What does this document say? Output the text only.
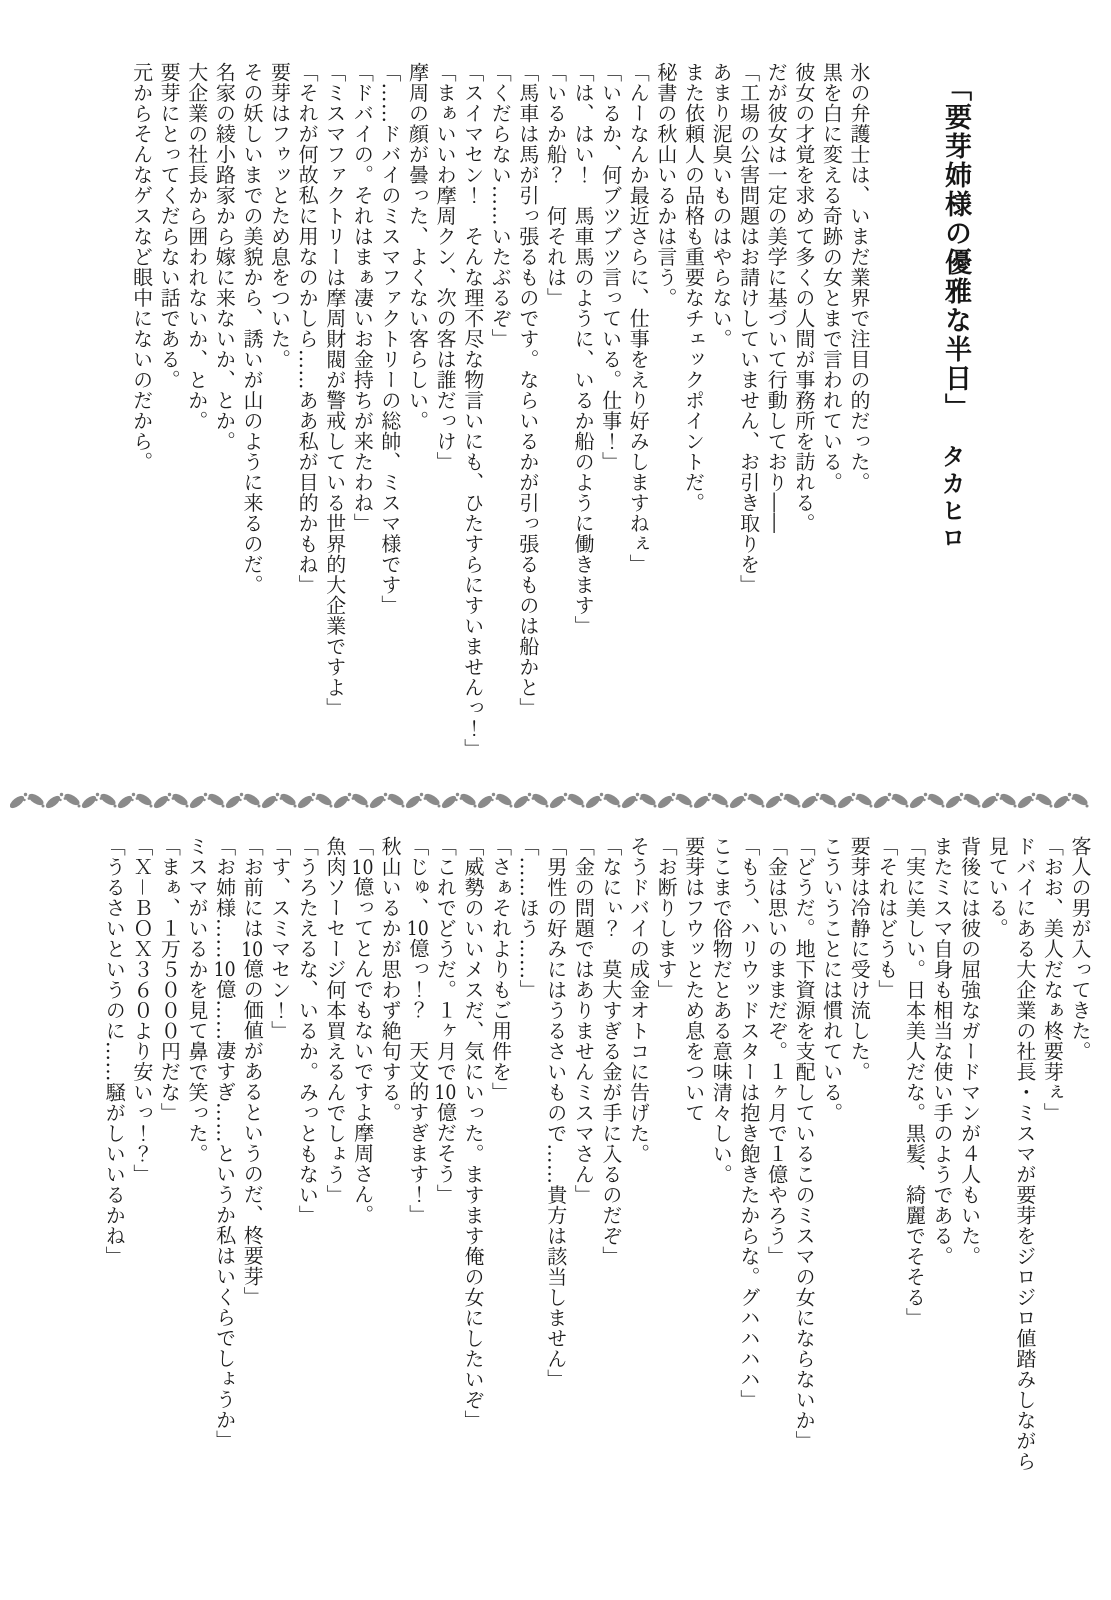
「要芽姉様の優雅な半日」
タカヒロ

氷の弁護士は、いまだ業界で注目の的だった。

黒を白に変える奇跡の女とまで言われている。

彼女の才覚を求めて多くの人間が事務所を訪れる。

だが彼女は一定の美学に基づいて行動しており――

「工場の公害問題はお請けしていません、お引き取りを」

あまり泥臭いものはやらない。

また依頼人の品格も重要なチェックポイントだ。

秘書の秋山いるかは言う。

「んーなんか最近さらに、仕事をえり好みしますねぇ」

「いるか、何ブツブツ言っている。仕事！」

「は、はい！　馬車馬のように、いるか船のように働きます」

「いるか船？　何それは」

「馬車は馬が引っ張るものです。ならいるかが引っ張るものは船かと」

「くだらない……いたぶるぞ」

「スイマセン！　そんな理不尽な物言いにも、ひたすらにすいませんっ！」

「まぁいいわ摩周クン、次の客は誰だっけ」

摩周の顔が曇った、よくない客らしい。

「……ドバイのミスマファクトリーの総帥、ミスマ様です」

「ドバイの。それはまぁ凄いお金持ちが来たわね」

「ミスマファクトリーは摩周財閥が警戒している世界的大企業ですよ」

「それが何故私に用なのかしら……ああ私が目的かもね」

要芽はフゥッとため息をついた。

その妖しいまでの美貌から、誘いが山のように来るのだ。

名家の綾小路家から嫁に来ないか、とか。

大企業の社長から囲われないか、とか。

要芽にとってくだらない話である。

元からそんなゲスなど眼中にないのだから。

客人の男が入ってきた。

「おお、美人だなぁ柊要芽ぇ」

ドバイにある大企業の社長・ミスマが要芽をジロジロ値踏みしながら

見ている。

背後には彼の屈強なガードマンが４人もいた。

またミスマ自身も相当な使い手のようである。

「実に美しい。日本美人だな。黒髪、綺麗でそそる」

「それはどうも」

要芽は冷静に受け流した。

こういうことには慣れている。

「どうだ。地下資源を支配しているこのミスマの女にならないか」

「金は思いのままだぞ。１ヶ月で１億やろう」

「もう、ハリウッドスターは抱き飽きたからな。グハハハハ」

ここまで俗物だとある意味清々しい。

要芽はフウッとため息をついて

「お断りします」

そうドバイの成金オトコに告げた。

「なにぃ？　莫大すぎる金が手に入るのだぞ」

「金の問題ではありませんミスマさん」

「男性の好みにはうるさいもので……貴方は該当しません」

「……ほう……」

「さぁそれよりもご用件を」

「威勢のいいメスだ、気にいった。ますます俺の女にしたいぞ」

「これでどうだ。１ヶ月で10億だそう」

「じゅ、10億っ！？　天文的すぎます！」

秋山いるかが思わず絶句する。

「10億ってとんでもないですよ摩周さん。

魚肉ソーセージ何本買えるんでしょう」

「うろたえるな、いるか。みっともない」

「す、スミマセン！」

「お前には10億の価値があるというのだ、柊要芽」

「お姉様……10億……凄すぎ……というか私はいくらでしょうか」

ミスマがいるかを見て鼻で笑った。

「まぁ、１万５０００円だな」

「Ｘ－ＢＯＸ３６０より安いっ！？」

「うるさいというのに……騒がしいいるかね」
